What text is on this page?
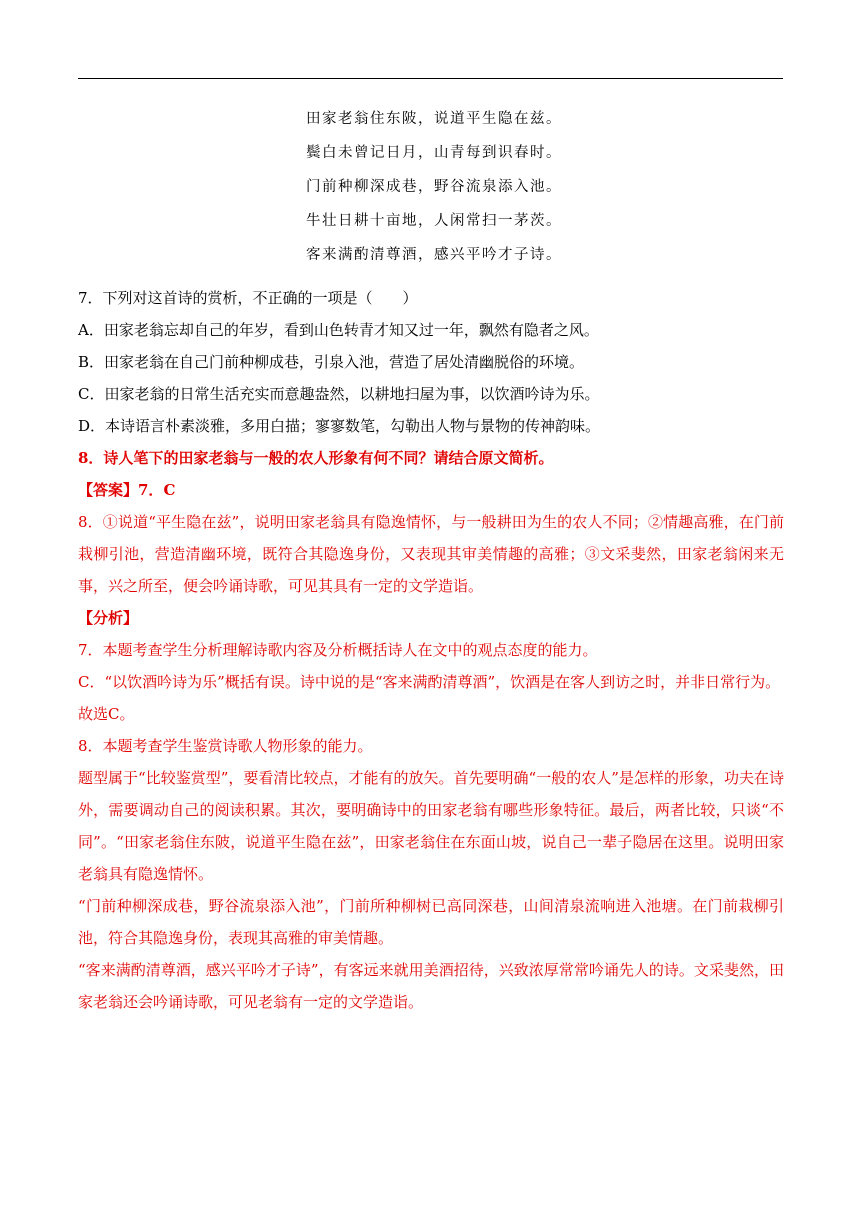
田家老翁住东陂，说道平生隐在兹。
鬓白未曾记日月，山青每到识春时。
门前种柳深成巷，野谷流泉添入池。
牛壮日耕十亩地，人闲常扫一茅茨。
客来满酌清尊酒，感兴平吟才子诗。

7．下列对这首诗的赏析，不正确的一项是（　　）

A．田家老翁忘却自己的年岁，看到山色转青才知又过一年，飘然有隐者之风。

B．田家老翁在自己门前种柳成巷，引泉入池，营造了居处清幽脱俗的环境。

C．田家老翁的日常生活充实而意趣盎然，以耕地扫屋为事，以饮酒吟诗为乐。

D．本诗语言朴素淡雅，多用白描；寥寥数笔，勾勒出人物与景物的传神韵味。

8．诗人笔下的田家老翁与一般的农人形象有何不同？请结合原文简析。

【答案】7．C

8．①说道“平生隐在兹”，说明田家老翁具有隐逸情怀，与一般耕田为生的农人不同；②情趣高雅，在门前栽柳引池，营造清幽环境，既符合其隐逸身份，又表现其审美情趣的高雅；③文采斐然，田家老翁闲来无事，兴之所至，便会吟诵诗歌，可见其具有一定的文学造诣。

【分析】

7．本题考查学生分析理解诗歌内容及分析概括诗人在文中的观点态度的能力。

C．“以饮酒吟诗为乐”概括有误。诗中说的是“客来满酌清尊酒”，饮酒是在客人到访之时，并非日常行为。

故选C。

8．本题考查学生鉴赏诗歌人物形象的能力。

题型属于“比较鉴赏型”，要看清比较点，才能有的放矢。首先要明确“一般的农人”是怎样的形象，功夫在诗外，需要调动自己的阅读积累。其次，要明确诗中的田家老翁有哪些形象特征。最后，两者比较，只谈“不同”。“田家老翁住东陂，说道平生隐在兹”，田家老翁住在东面山坡，说自己一辈子隐居在这里。说明田家老翁具有隐逸情怀。

“门前种柳深成巷，野谷流泉添入池”，门前所种柳树已高同深巷，山间清泉流响进入池塘。在门前栽柳引池，符合其隐逸身份，表现其高雅的审美情趣。

“客来满酌清尊酒，感兴平吟才子诗”，有客远来就用美酒招待，兴致浓厚常常吟诵先人的诗。文采斐然，田家老翁还会吟诵诗歌，可见老翁有一定的文学造诣。
